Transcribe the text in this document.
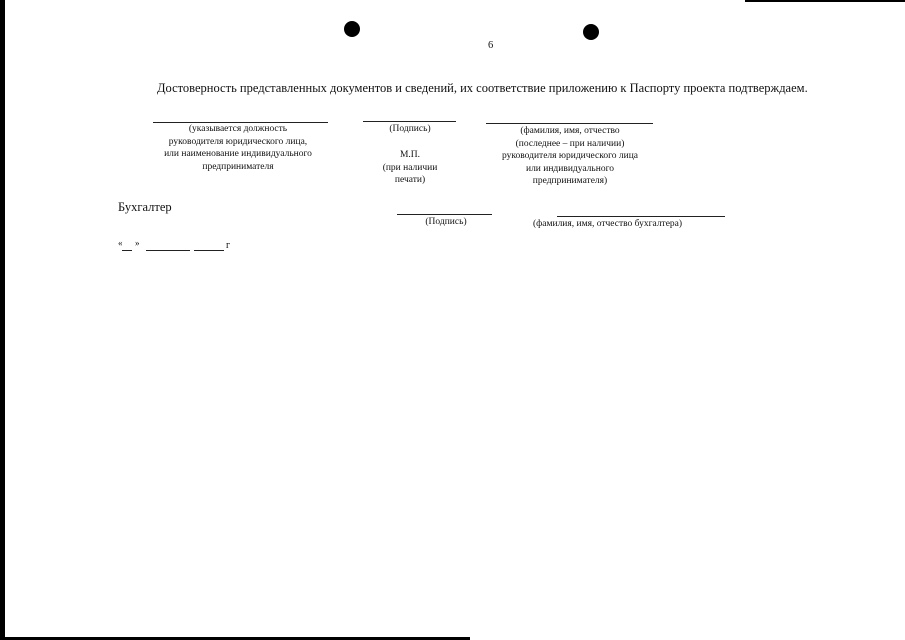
6
Достоверность представленных документов и сведений, их соответствие приложению к Паспорту проекта подтверждаем.
(указывается должность
руководителя юридического лица,
или наименование индивидуального
предпринимателя
(Подпись)
М.П.
(при наличии
печати)
(фамилия, имя, отчество
(последнее – при наличии)
руководителя юридического лица
или индивидуального
предпринимателя)
Бухгалтер
(Подпись)	(фамилия, имя, отчество бухгалтера)
« »	г
